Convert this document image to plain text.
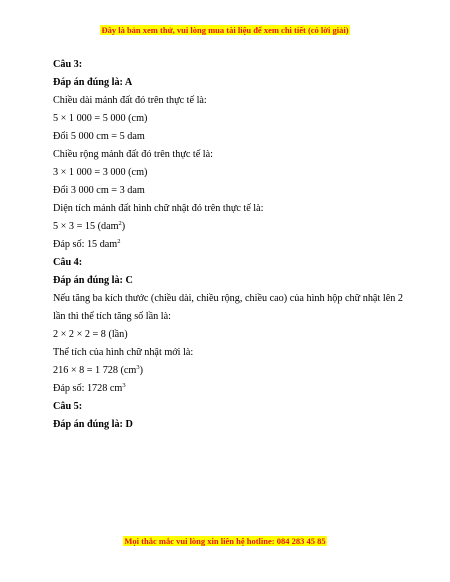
Đây là bản xem thử, vui lòng mua tài liệu để xem chi tiết (có lời giải)
Câu 3:
Đáp án đúng là: A
Chiều dài mảnh đất đó trên thực tế là:
5 × 1 000 = 5 000 (cm)
Đổi 5 000 cm = 5 dam
Chiều rộng mảnh đất đó trên thực tế là:
3 × 1 000 = 3 000 (cm)
Đổi 3 000 cm = 3 dam
Diện tích mảnh đất hình chữ nhật đó trên thực tế là:
5 × 3 = 15 (dam$^2$)
Đáp số: 15 dam$^2$
Câu 4:
Đáp án đúng là: C
Nếu tăng ba kích thước (chiều dài, chiều rộng, chiều cao) của hình hộp chữ nhật lên 2 lần thì thể tích tăng số lần là:
2 × 2 × 2 = 8 (lần)
Thể tích của hình chữ nhật mới là:
216 × 8 = 1 728 $(cm^3)$
Đáp số: 1728 $cm^3$
Câu 5:
Đáp án đúng là: D
Mọi thắc mắc vui lòng xin liên hệ hotline: 084 283 45 85
